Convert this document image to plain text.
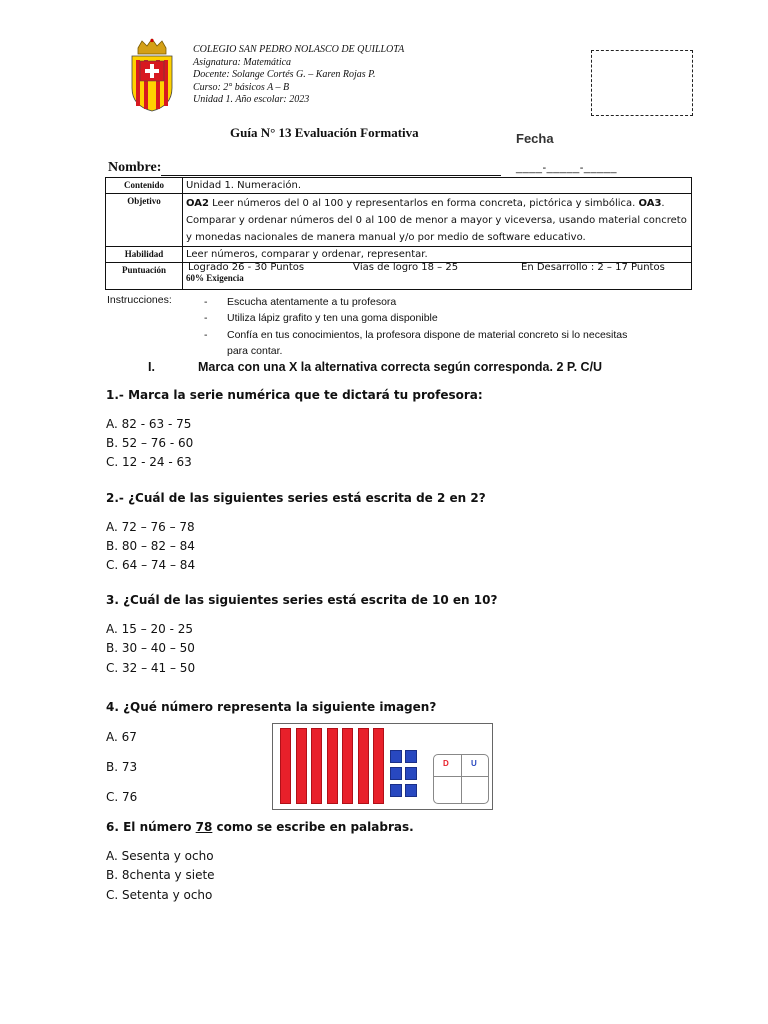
COLEGIO SAN PEDRO NOLASCO DE QUILLOTA
Asignatura: Matemática
Docente: Solange Cortés G. – Karen Rojas P.
Curso: 2° básicos A – B
Unidad 1. Año escolar: 2023
Guía N° 13 Evaluación Formativa	Fecha
Nombre:	____-_____-_____
Contenido	Unidad 1. Numeración.
Objetivo	OA2 Leer números del 0 al 100 y representarlos en forma concreta, pictórica y simbólica. OA3. Comparar y ordenar números del 0 al 100 de menor a mayor y viceversa, usando material concreto y monedas nacionales de manera manual y/o por medio de software educativo.
Habilidad	Leer números, comparar y ordenar, representar.
Puntuación	Logrado 26 - 30 Puntos Vías de logro 18 – 25 En Desarrollo : 2 – 17 Puntos
60% Exigencia
Instrucciones:	-	Escucha atentamente a tu profesora
-	Utiliza lápiz grafito y ten una goma disponible
-	Confía en tus conocimientos, la profesora dispone de material concreto si lo necesitas para contar.
I.	Marca con una X la alternativa correcta según corresponda. 2 P. C/U
1.- Marca la serie numérica que te dictará tu profesora:
A. 82 - 63 - 75
B. 52 – 76 - 60
C. 12 - 24 - 63
2.- ¿Cuál de las siguientes series está escrita de 2 en 2?
A. 72 – 76 – 78
B. 80 – 82 – 84
C. 64 – 74 – 84
3. ¿Cuál de las siguientes series está escrita de 10 en 10?
A. 15 – 20 - 25
B. 30 – 40 – 50
C. 32 – 41 – 50
4. ¿Qué número representa la siguiente imagen?
A. 67
B. 73
C. 76
D	U
6. El número 78 como se escribe en palabras.
A. Sesenta y ocho
B. 8chenta y siete
C. Setenta y ocho
